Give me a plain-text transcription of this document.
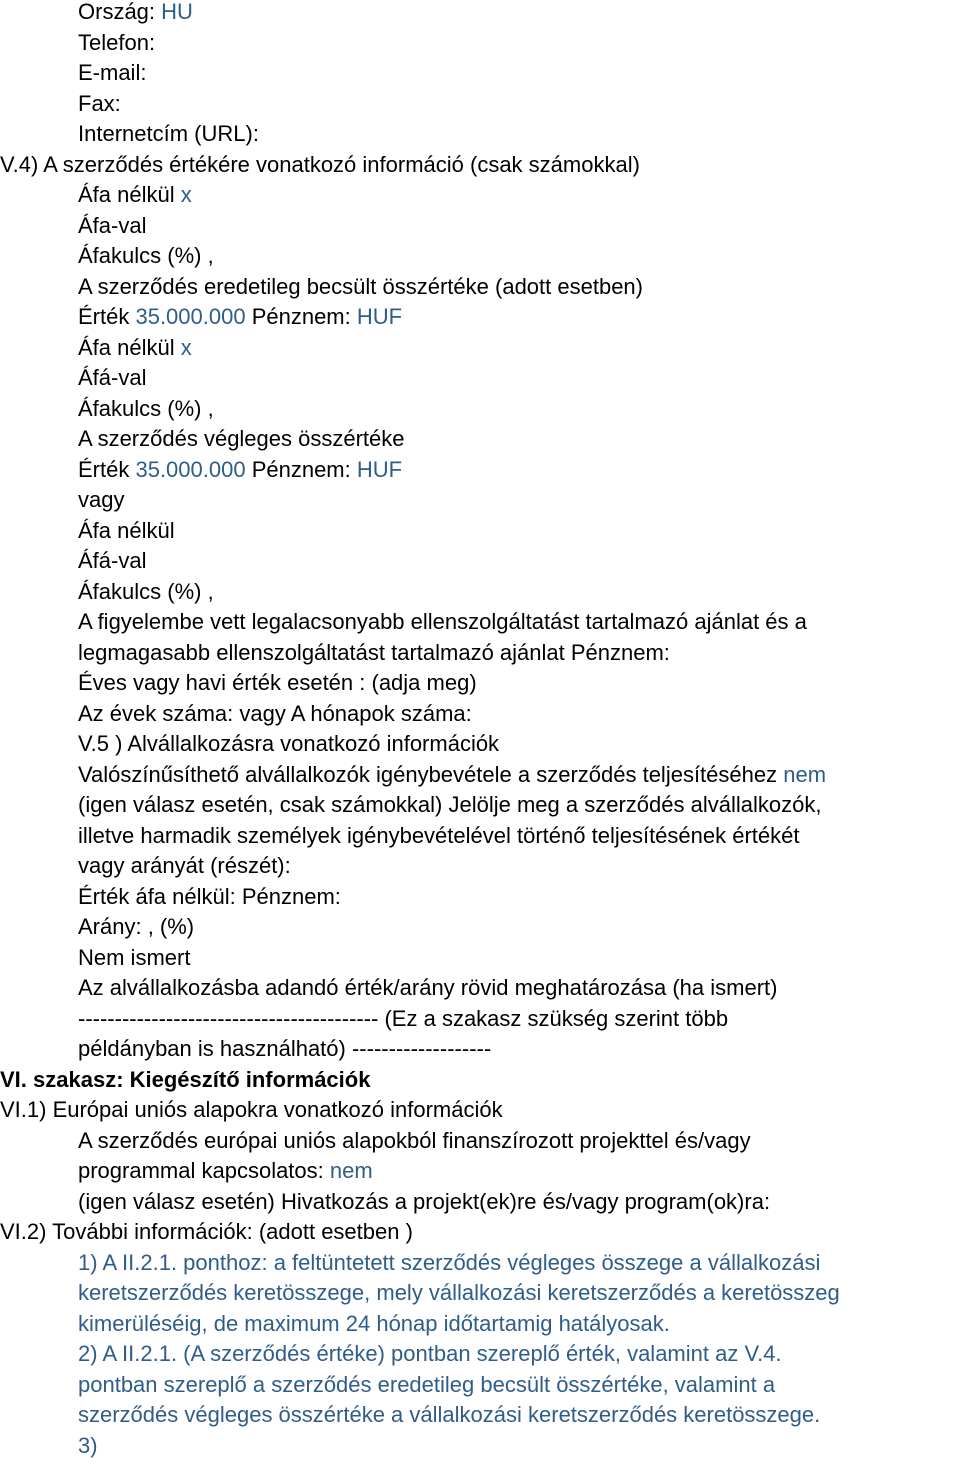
Ország: HU
Telefon:
E-mail:
Fax:
Internetcím (URL):
V.4) A szerződés értékére vonatkozó információ (csak számokkal)
Áfa nélkül x
Áfa-val
Áfakulcs (%) ,
A szerződés eredetileg becsült összértéke (adott esetben)
Érték 35.000.000 Pénznem: HUF
Áfa nélkül x
Áfá-val
Áfakulcs (%) ,
A szerződés végleges összértéke
Érték 35.000.000 Pénznem: HUF
vagy
Áfa nélkül
Áfá-val
Áfakulcs (%) ,
A figyelembe vett legalacsonyabb ellenszolgáltatást tartalmazó ajánlat és a
legmagasabb ellenszolgáltatást tartalmazó ajánlat Pénznem:
Éves vagy havi érték esetén : (adja meg)
Az évek száma: vagy A hónapok száma:
V.5 ) Alvállalkozásra vonatkozó információk
Valószínűsíthető alvállalkozók igénybevétele a szerződés teljesítéséhez nem
(igen válasz esetén, csak számokkal) Jelölje meg a szerződés alvállalkozók,
illetve harmadik személyek igénybevételével történő teljesítésének értékét
vagy arányát (részét):
Érték áfa nélkül: Pénznem:
Arány: , (%)
Nem ismert
Az alvállalkozásba adandó érték/arány rövid meghatározása (ha ismert)
----------------------------------------- (Ez a szakasz szükség szerint több
példányban is használható) -------------------
VI. szakasz: Kiegészítő információk
VI.1) Európai uniós alapokra vonatkozó információk
A szerződés európai uniós alapokból finanszírozott projekttel és/vagy
programmal kapcsolatos: nem
(igen válasz esetén) Hivatkozás a projekt(ek)re és/vagy program(ok)ra:
VI.2) További információk: (adott esetben )
1) A II.2.1. ponthoz: a feltüntetett szerződés végleges összege a vállalkozási
keretszerződés keretösszege, mely vállalkozási keretszerződés a keretösszeg
kimerüléséig, de maximum 24 hónap időtartamig hatályosak.
2) A II.2.1. (A szerződés értéke) pontban szereplő érték, valamint az V.4.
pontban szereplő a szerződés eredetileg becsült összértéke, valamint a
szerződés végleges összértéke a vállalkozási keretszerződés keretösszege.
3)
